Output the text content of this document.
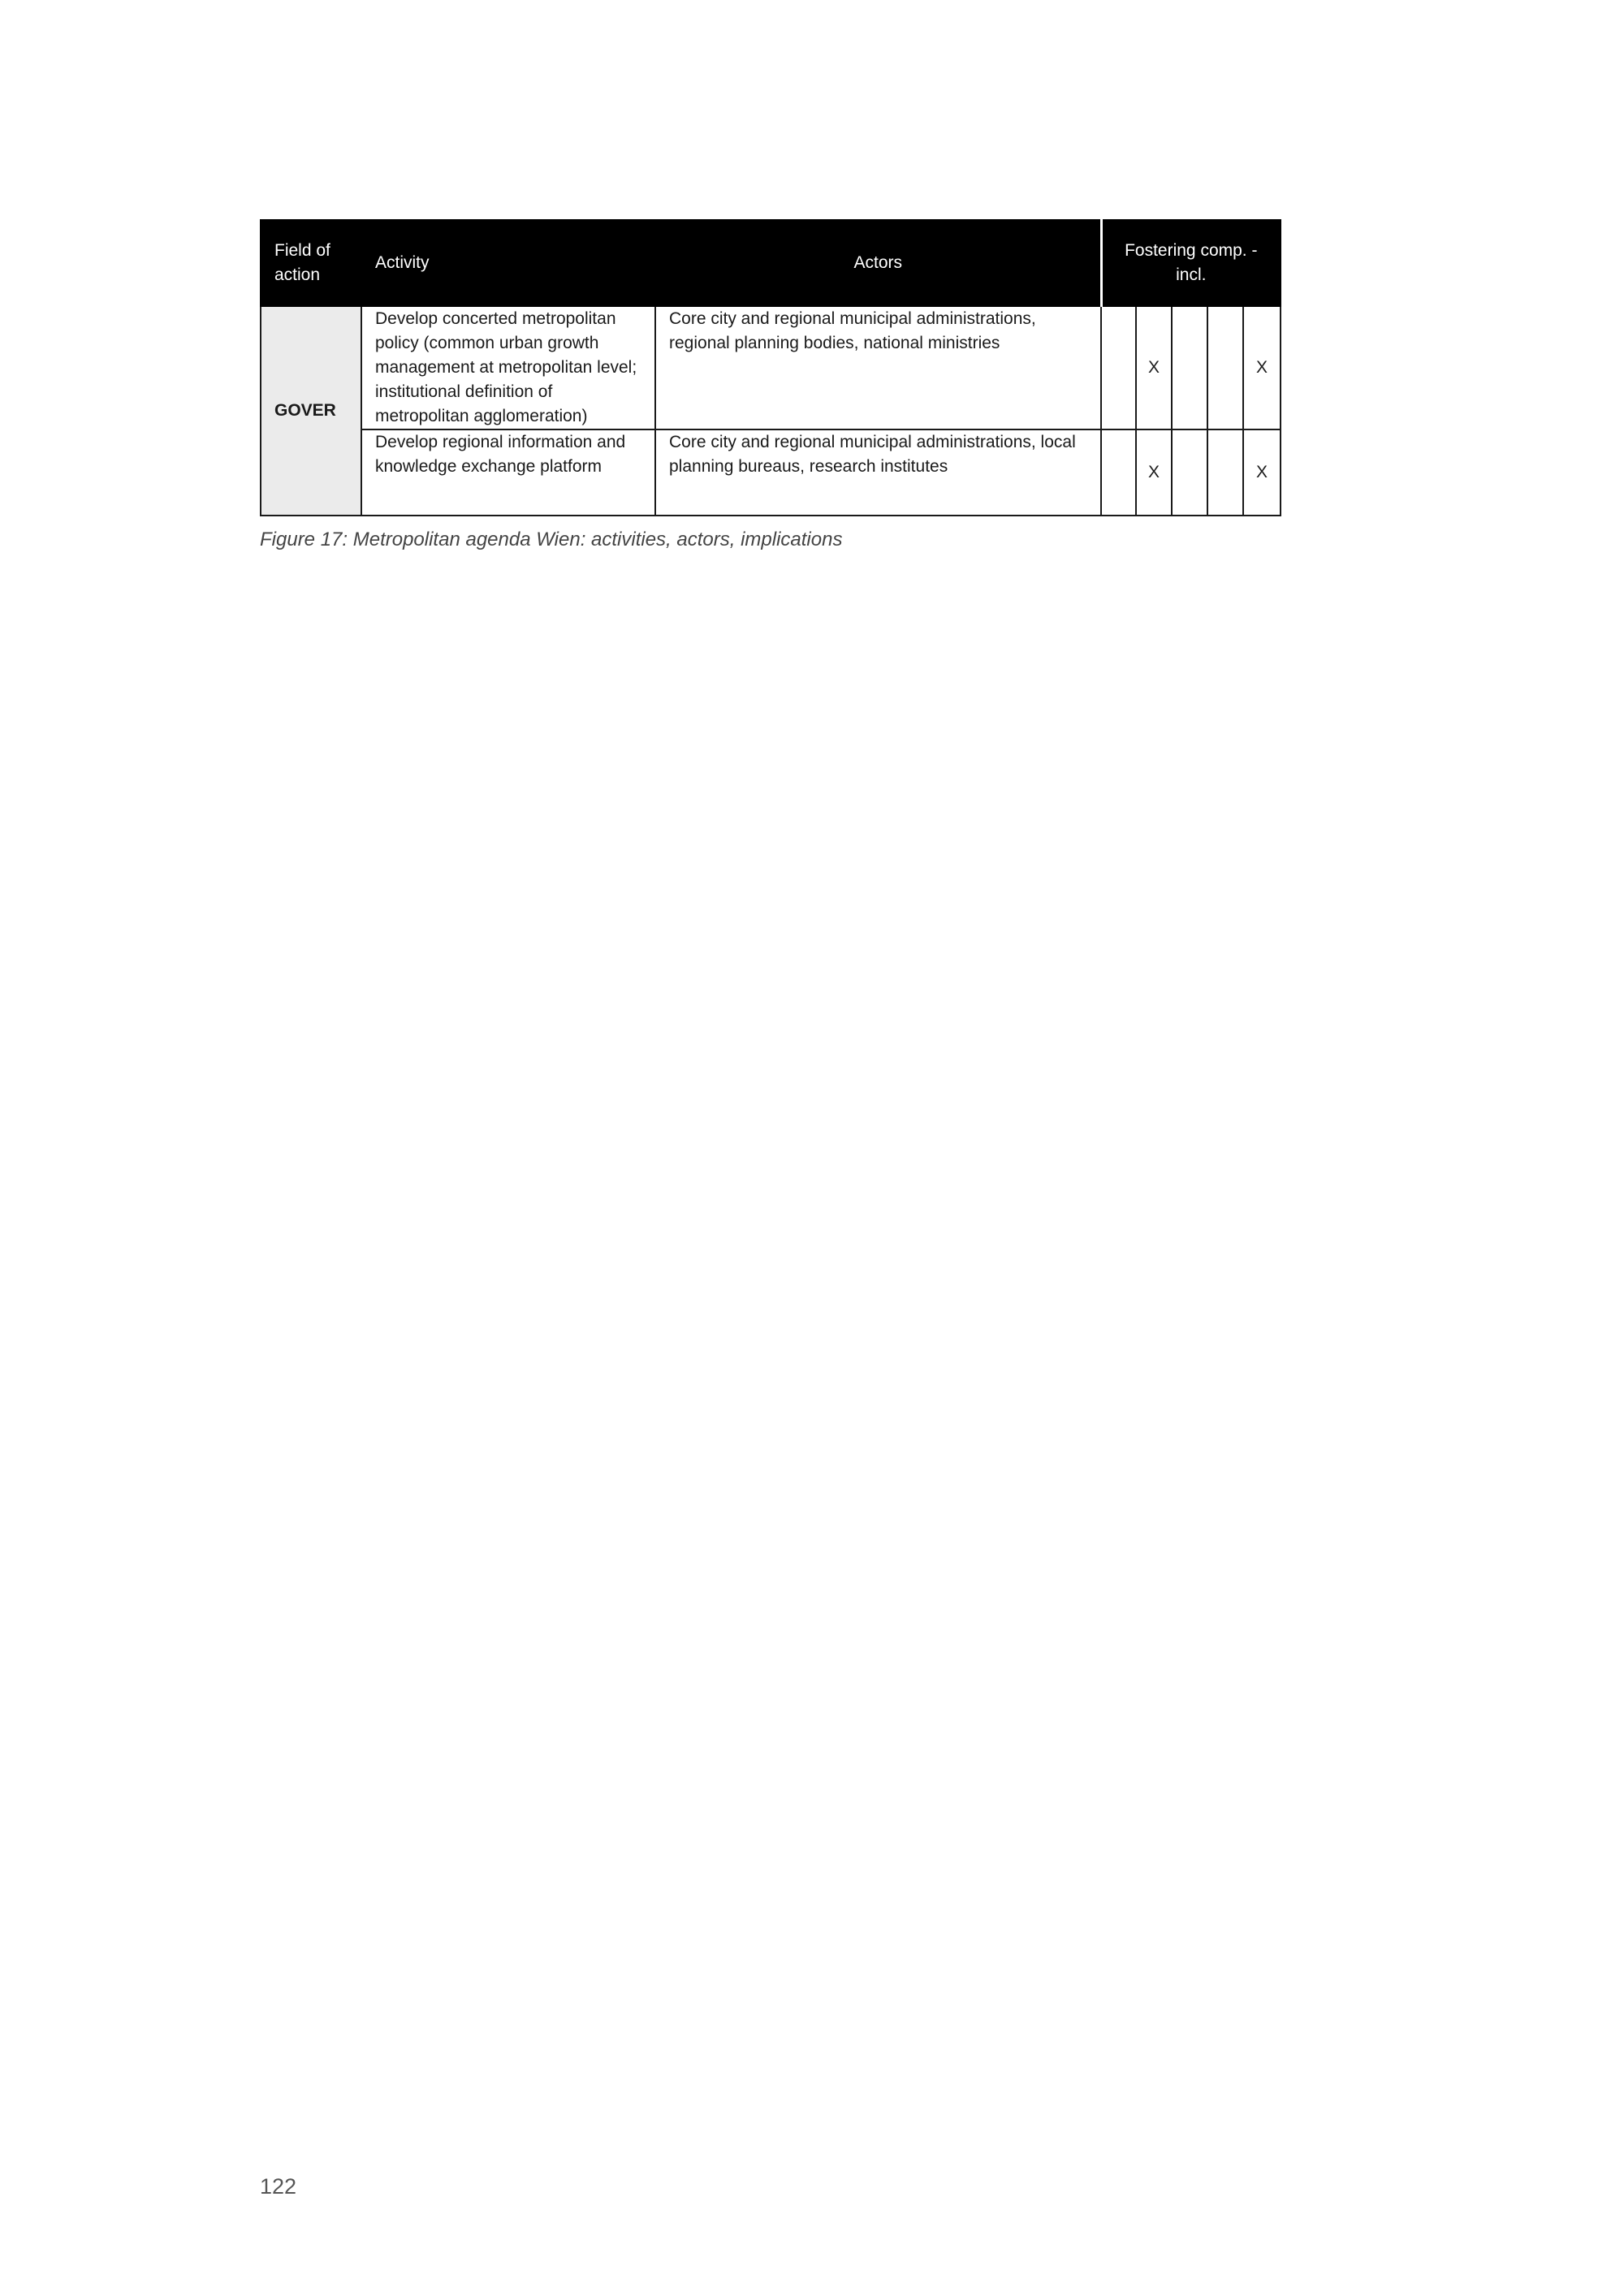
Field of action	Activity	Actors	Fostering comp. - incl.				
GOVER	Develop concerted metropolitan policy (common urban growth management at metropolitan level; institutional definition of metropolitan agglomeration)	Core city and regional municipal administrations, regional planning bodies, national ministries		X			X
	Develop regional information and knowledge exchange platform	Core city and regional municipal administrations, local planning bureaus, research institutes		X			X

Figure 17: Metropolitan agenda Wien: activities, actors, implications

122
